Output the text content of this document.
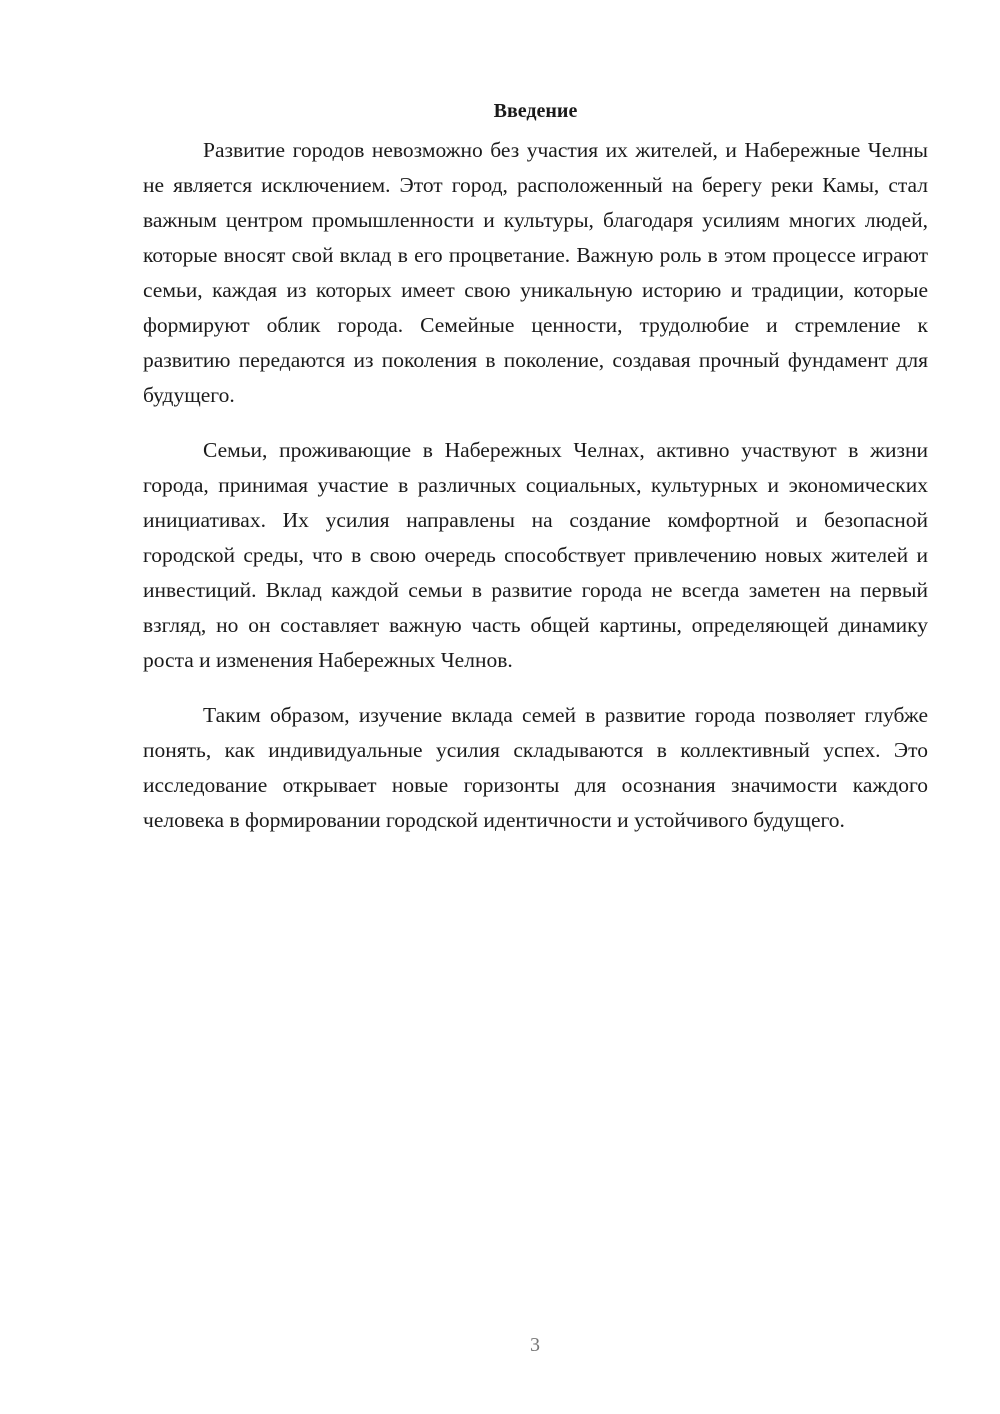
Введение

Развитие городов невозможно без участия их жителей, и Набережные Челны не является исключением. Этот город, расположенный на берегу реки Камы, стал важным центром промышленности и культуры, благодаря усилиям многих людей, которые вносят свой вклад в его процветание. Важную роль в этом процессе играют семьи, каждая из которых имеет свою уникальную историю и традиции, которые формируют облик города. Семейные ценности, трудолюбие и стремление к развитию передаются из поколения в поколение, создавая прочный фундамент для будущего.

Семьи, проживающие в Набережных Челнах, активно участвуют в жизни города, принимая участие в различных социальных, культурных и экономических инициативах. Их усилия направлены на создание комфортной и безопасной городской среды, что в свою очередь способствует привлечению новых жителей и инвестиций. Вклад каждой семьи в развитие города не всегда заметен на первый взгляд, но он составляет важную часть общей картины, определяющей динамику роста и изменения Набережных Челнов.

Таким образом, изучение вклада семей в развитие города позволяет глубже понять, как индивидуальные усилия складываются в коллективный успех. Это исследование открывает новые горизонты для осознания значимости каждого человека в формировании городской идентичности и устойчивого будущего.

3
